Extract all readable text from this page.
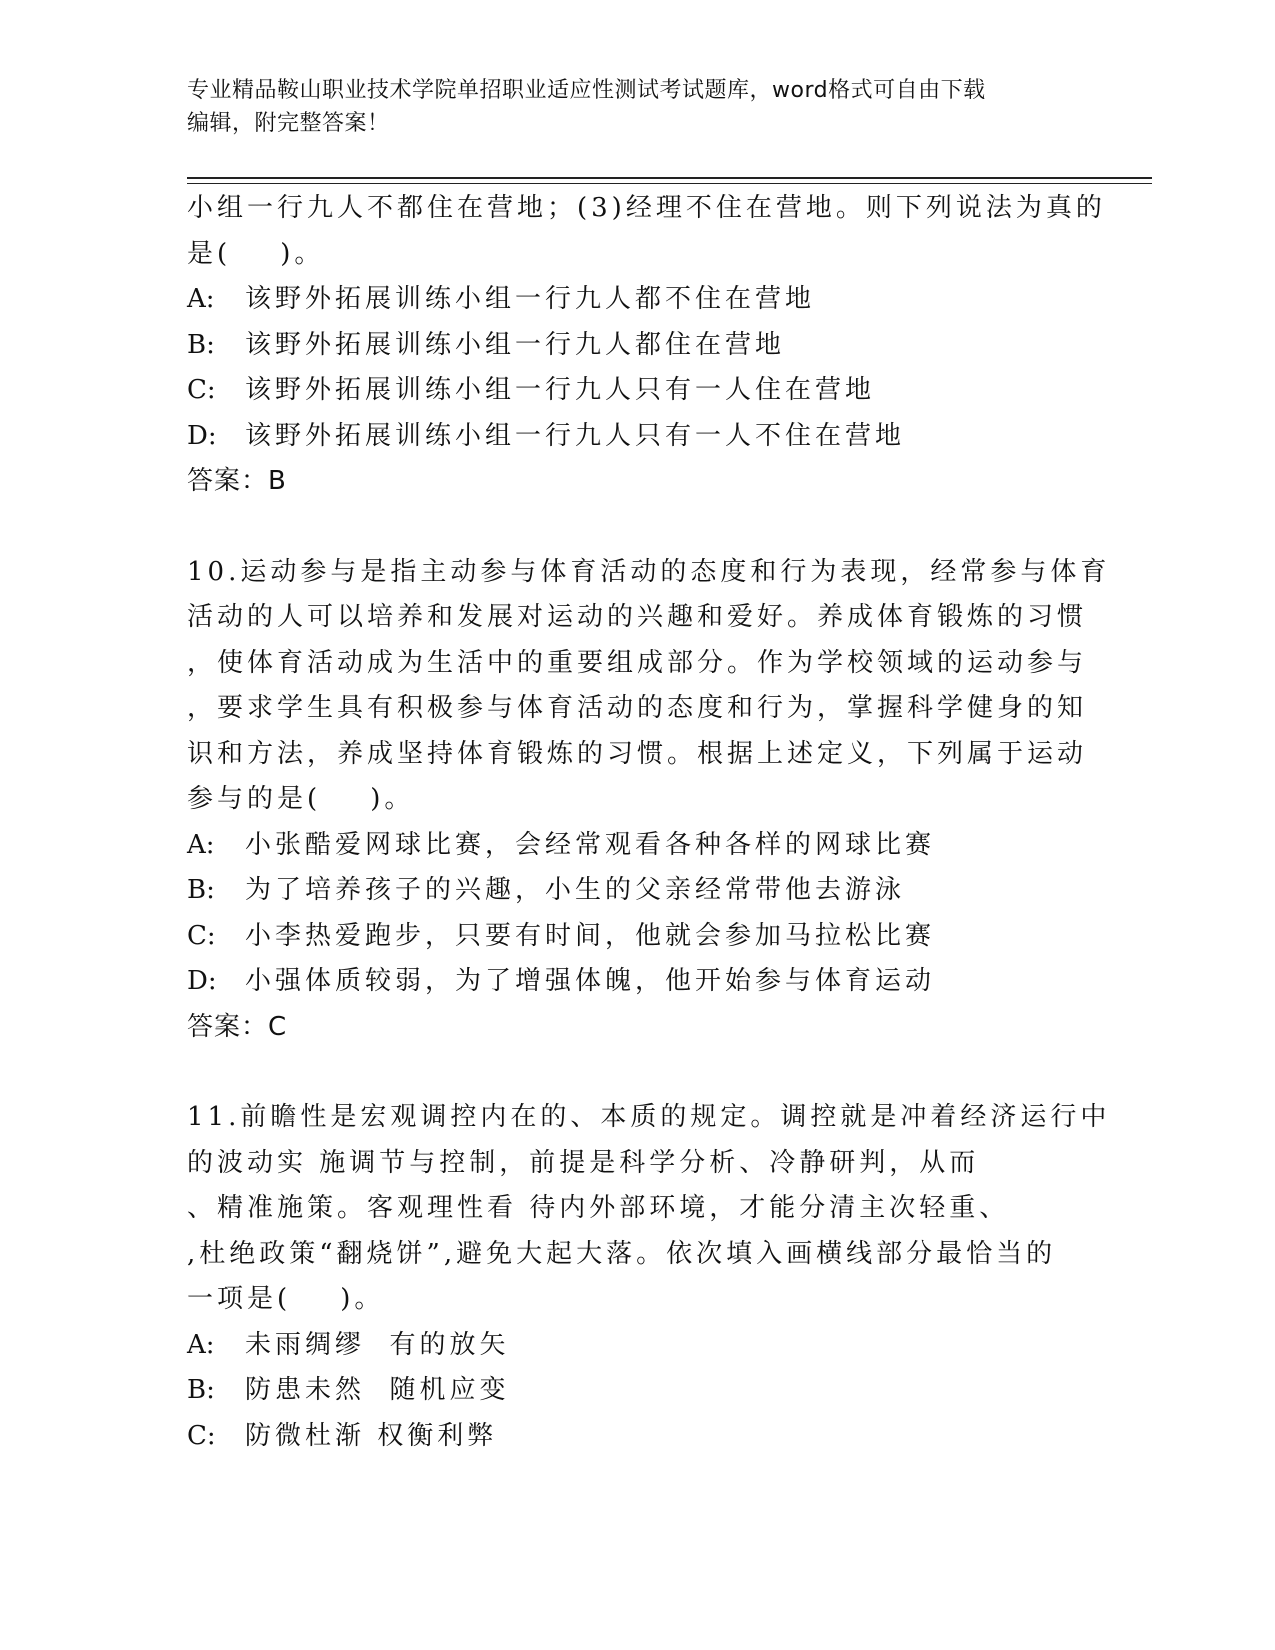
专业精品鞍山职业技术学院单招职业适应性测试考试题库，word格式可自由下载
编辑，附完整答案！
小组一行九人不都住在营地；(3)经理不住在营地。则下列说法为真的
是(    )。
A: 该野外拓展训练小组一行九人都不住在营地
B: 该野外拓展训练小组一行九人都住在营地
C: 该野外拓展训练小组一行九人只有一人住在营地
D: 该野外拓展训练小组一行九人只有一人不住在营地
答案：B
10.运动参与是指主动参与体育活动的态度和行为表现，经常参与体育
活动的人可以培养和发展对运动的兴趣和爱好。养成体育锻炼的习惯
，使体育活动成为生活中的重要组成部分。作为学校领域的运动参与
，要求学生具有积极参与体育活动的态度和行为，掌握科学健身的知
识和方法，养成坚持体育锻炼的习惯。根据上述定义，下列属于运动
参与的是(    )。
A: 小张酷爱网球比赛，会经常观看各种各样的网球比赛
B: 为了培养孩子的兴趣，小生的父亲经常带他去游泳
C: 小李热爱跑步，只要有时间，他就会参加马拉松比赛
D: 小强体质较弱，为了增强体魄，他开始参与体育运动
答案：C
11.前瞻性是宏观调控内在的、本质的规定。调控就是冲着经济运行中
的波动实 施调节与控制，前提是科学分析、冷静研判，从而
、精准施策。客观理性看 待内外部环境，才能分清主次轻重、
,杜绝政策“翻烧饼”,避免大起大落。依次填入画横线部分最恰当的
一项是(    )。
A: 未雨绸缪  有的放矢
B: 防患未然  随机应变
C: 防微杜渐 权衡利弊
